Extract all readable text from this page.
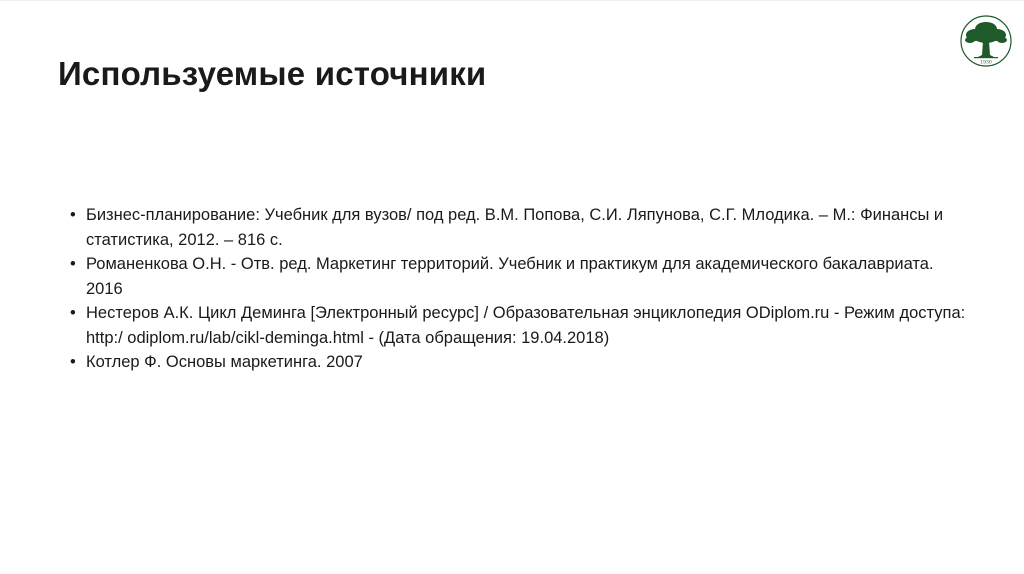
Используемые источники	1930
• Бизнес-планирование: Учебник для вузов/ под ред. В.М. Попова, С.И. Ляпунова, С.Г. Млодика. – М.: Финансы и статистика, 2012. – 816 с.
• Романенкова О.Н. - Отв. ред. Маркетинг территорий. Учебник и практикум для академического бакалавриата. 2016
• Нестеров А.К. Цикл Деминга [Электронный ресурс] / Образовательная энциклопедия ODiplom.ru - Режим доступа: http:/ odiplom.ru/lab/cikl-deminga.html - (Дата обращения: 19.04.2018)
• Котлер Ф. Основы маркетинга. 2007
